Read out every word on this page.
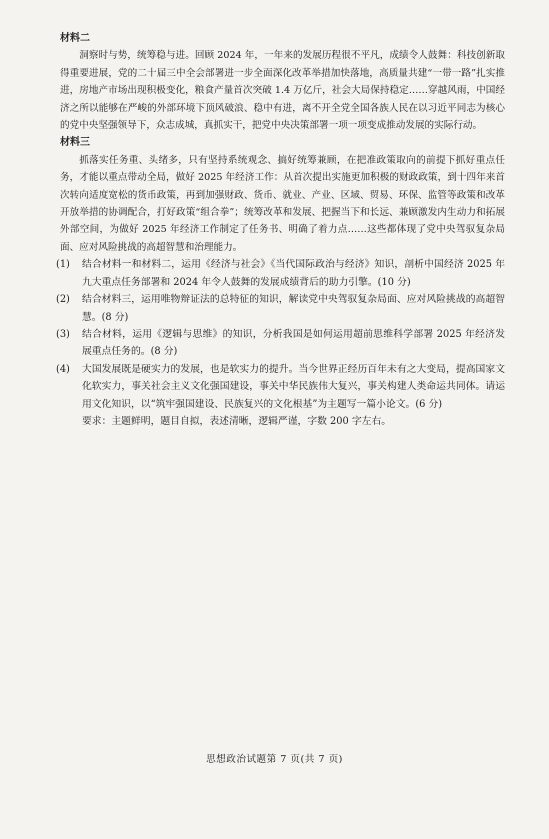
材料二
洞察时与势，统筹稳与进。回顾 2024 年，一年来的发展历程很不平凡，成绩令人鼓舞：科技创新取得重要进展，党的二十届三中全会部署进一步全面深化改革举措加快落地，高质量共建“一带一路”扎实推进，房地产市场出现积极变化，粮食产量首次突破 1.4 万亿斤，社会大局保持稳定……穿越风雨，中国经济之所以能够在严峻的外部环境下顶风破浪、稳中有进，离不开全党全国各族人民在以习近平同志为核心的党中央坚强领导下，众志成城，真抓实干，把党中央决策部署一项一项变成推动发展的实际行动。
材料三
抓落实任务重、头绪多，只有坚持系统观念、搞好统筹兼顾，在把准政策取向的前提下抓好重点任务，才能以重点带动全局，做好 2025 年经济工作：从首次提出实施更加积极的财政政策，到十四年来首次转向适度宽松的货币政策，再到加强财政、货币、就业、产业、区域、贸易、环保、监管等政策和改革开放举措的协调配合，打好政策“组合拳”；统筹改革和发展、把握当下和长远、兼顾激发内生动力和拓展外部空间，为做好 2025 年经济工作制定了任务书、明确了着力点……这些都体现了党中央驾驭复杂局面、应对风险挑战的高超智慧和治理能力。
(1) 结合材料一和材料二，运用《经济与社会》《当代国际政治与经济》知识，剖析中国经济 2025 年九大重点任务部署和 2024 年令人鼓舞的发展成绩背后的助力引擎。(10 分)
(2) 结合材料三，运用唯物辩证法的总特征的知识，解读党中央驾驭复杂局面、应对风险挑战的高超智慧。(8 分)
(3) 结合材料，运用《逻辑与思维》的知识，分析我国是如何运用超前思维科学部署 2025 年经济发展重点任务的。(8 分)
(4) 大国发展既是硬实力的发展，也是软实力的提升。当今世界正经历百年未有之大变局，提高国家文化软实力，事关社会主义文化强国建设，事关中华民族伟大复兴，事关构建人类命运共同体。请运用文化知识，以“筑牢强国建设、民族复兴的文化根基”为主题写一篇小论文。(6 分)
要求：主题鲜明，题目自拟，表述清晰，逻辑严谨，字数 200 字左右。
思想政治试题第 7 页(共 7 页)
